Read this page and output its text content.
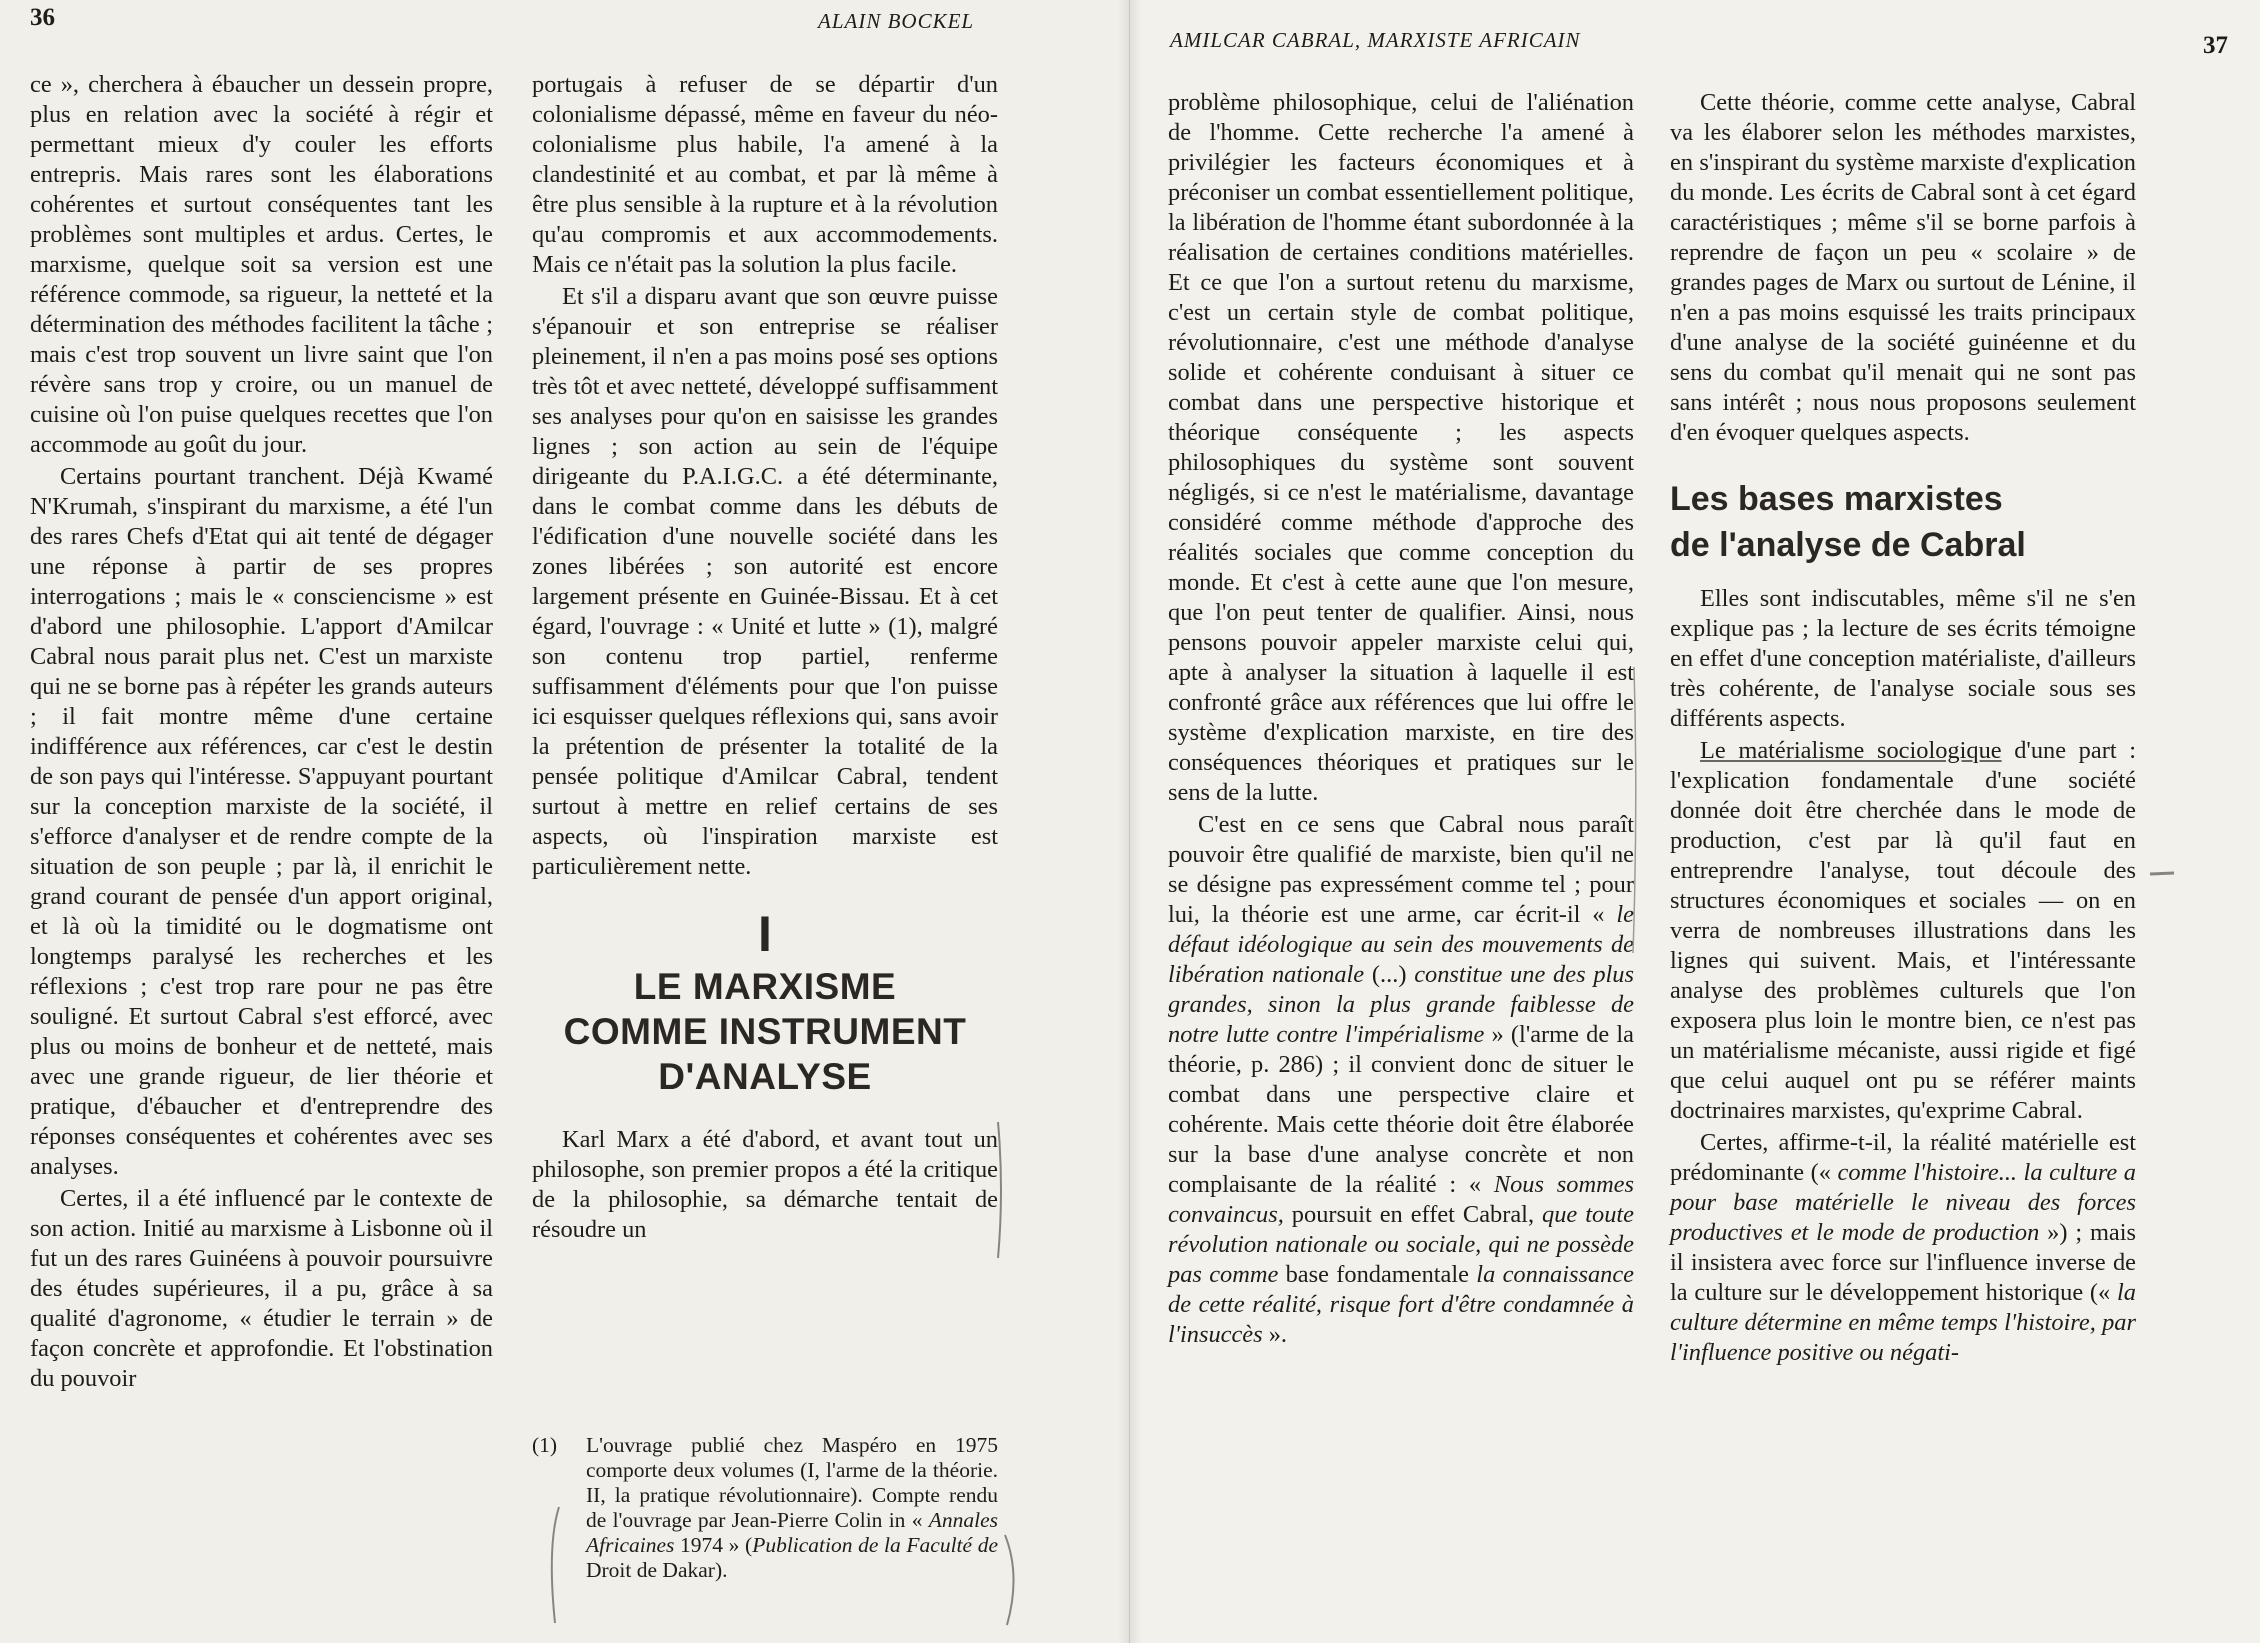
36	ALAIN BOCKEL

ce », cherchera à ébaucher un dessein propre, plus en relation avec la société à régir et permettant mieux d'y couler les efforts entrepris. Mais rares sont les élaborations cohérentes et surtout conséquentes tant les problèmes sont multiples et ardus. Certes, le marxisme, quelque soit sa version est une référence commode, sa rigueur, la netteté et la détermination des méthodes facilitent la tâche ; mais c'est trop souvent un livre saint que l'on révère sans trop y croire, ou un manuel de cuisine où l'on puise quelques recettes que l'on accommode au goût du jour.

Certains pourtant tranchent. Déjà Kwamé N'Krumah, s'inspirant du marxisme, a été l'un des rares Chefs d'Etat qui ait tenté de dégager une réponse à partir de ses propres interrogations ; mais le « consciencisme » est d'abord une philosophie. L'apport d'Amilcar Cabral nous parait plus net. C'est un marxiste qui ne se borne pas à répéter les grands auteurs ; il fait montre même d'une certaine indifférence aux références, car c'est le destin de son pays qui l'intéresse. S'appuyant pourtant sur la conception marxiste de la société, il s'efforce d'analyser et de rendre compte de la situation de son peuple ; par là, il enrichit le grand courant de pensée d'un apport original, et là où la timidité ou le dogmatisme ont longtemps paralysé les recherches et les réflexions ; c'est trop rare pour ne pas être souligné. Et surtout Cabral s'est efforcé, avec plus ou moins de bonheur et de netteté, mais avec une grande rigueur, de lier théorie et pratique, d'ébaucher et d'entreprendre des réponses conséquentes et cohérentes avec ses analyses.

Certes, il a été influencé par le contexte de son action. Initié au marxisme à Lisbonne où il fut un des rares Guinéens à pouvoir poursuivre des études supérieures, il a pu, grâce à sa qualité d'agronome, « étudier le terrain » de façon concrète et approfondie. Et l'obstination du pouvoir

portugais à refuser de se départir d'un colonialisme dépassé, même en faveur du néo-colonialisme plus habile, l'a amené à la clandestinité et au combat, et par là même à être plus sensible à la rupture et à la révolution qu'au compromis et aux accommodements. Mais ce n'était pas la solution la plus facile.

Et s'il a disparu avant que son œuvre puisse s'épanouir et son entreprise se réaliser pleinement, il n'en a pas moins posé ses options très tôt et avec netteté, développé suffisamment ses analyses pour qu'on en saisisse les grandes lignes ; son action au sein de l'équipe dirigeante du P.A.I.G.C. a été déterminante, dans le combat comme dans les débuts de l'édification d'une nouvelle société dans les zones libérées ; son autorité est encore largement présente en Guinée-Bissau. Et à cet égard, l'ouvrage : « Unité et lutte » (1), malgré son contenu trop partiel, renferme suffisamment d'éléments pour que l'on puisse ici esquisser quelques réflexions qui, sans avoir la prétention de présenter la totalité de la pensée politique d'Amilcar Cabral, tendent surtout à mettre en relief certains de ses aspects, où l'inspiration marxiste est particulièrement nette.

I
LE MARXISME
COMME INSTRUMENT
D'ANALYSE

Karl Marx a été d'abord, et avant tout un philosophe, son premier propos a été la critique de la philosophie, sa démarche tentait de résoudre un

(1) L'ouvrage publié chez Maspéro en 1975 comporte deux volumes (I, l'arme de la théorie. II, la pratique révolutionnaire). Compte rendu de l'ouvrage par Jean-Pierre Colin in « Annales Africaines 1974 » (Publication de la Faculté de Droit de Dakar).
AMILCAR CABRAL, MARXISTE AFRICAIN	37

problème philosophique, celui de l'aliénation de l'homme. Cette recherche l'a amené à privilégier les facteurs économiques et à préconiser un combat essentiellement politique, la libération de l'homme étant subordonnée à la réalisation de certaines conditions matérielles. Et ce que l'on a surtout retenu du marxisme, c'est un certain style de combat politique, révolutionnaire, c'est une méthode d'analyse solide et cohérente conduisant à situer ce combat dans une perspective historique et théorique conséquente ; les aspects philosophiques du système sont souvent négligés, si ce n'est le matérialisme, davantage considéré comme méthode d'approche des réalités sociales que comme conception du monde. Et c'est à cette aune que l'on mesure, que l'on peut tenter de qualifier. Ainsi, nous pensons pouvoir appeler marxiste celui qui, apte à analyser la situation à laquelle il est confronté grâce aux références que lui offre le système d'explication marxiste, en tire des conséquences théoriques et pratiques sur le sens de la lutte.

C'est en ce sens que Cabral nous paraît pouvoir être qualifié de marxiste, bien qu'il ne se désigne pas expressément comme tel ; pour lui, la théorie est une arme, car écrit-il « le défaut idéologique au sein des mouvements de libération nationale (...) constitue une des plus grandes, sinon la plus grande faiblesse de notre lutte contre l'impérialisme » (l'arme de la théorie, p. 286) ; il convient donc de situer le combat dans une perspective claire et cohérente. Mais cette théorie doit être élaborée sur la base d'une analyse concrète et non complaisante de la réalité : « Nous sommes convaincus, poursuit en effet Cabral, que toute révolution nationale ou sociale, qui ne possède pas comme base fondamentale la connaissance de cette réalité, risque fort d'être condamnée à l'insuccès ».

Cette théorie, comme cette analyse, Cabral va les élaborer selon les méthodes marxistes, en s'inspirant du système marxiste d'explication du monde. Les écrits de Cabral sont à cet égard caractéristiques ; même s'il se borne parfois à reprendre de façon un peu « scolaire » de grandes pages de Marx ou surtout de Lénine, il n'en a pas moins esquissé les traits principaux d'une analyse de la société guinéenne et du sens du combat qu'il menait qui ne sont pas sans intérêt ; nous nous proposons seulement d'en évoquer quelques aspects.

Les bases marxistes
de l'analyse de Cabral

Elles sont indiscutables, même s'il ne s'en explique pas ; la lecture de ses écrits témoigne en effet d'une conception matérialiste, d'ailleurs très cohérente, de l'analyse sociale sous ses différents aspects.

Le matérialisme sociologique d'une part : l'explication fondamentale d'une société donnée doit être cherchée dans le mode de production, c'est par là qu'il faut en entreprendre l'analyse, tout découle des structures économiques et sociales — on en verra de nombreuses illustrations dans les lignes qui suivent. Mais, et l'intéressante analyse des problèmes culturels que l'on exposera plus loin le montre bien, ce n'est pas un matérialisme mécaniste, aussi rigide et figé que celui auquel ont pu se référer maints doctrinaires marxistes, qu'exprime Cabral.

Certes, affirme-t-il, la réalité matérielle est prédominante (« comme l'histoire... la culture a pour base matérielle le niveau des forces productives et le mode de production ») ; mais il insistera avec force sur l'influence inverse de la culture sur le développement historique (« la culture détermine en même temps l'histoire, par l'influence positive ou négati-
